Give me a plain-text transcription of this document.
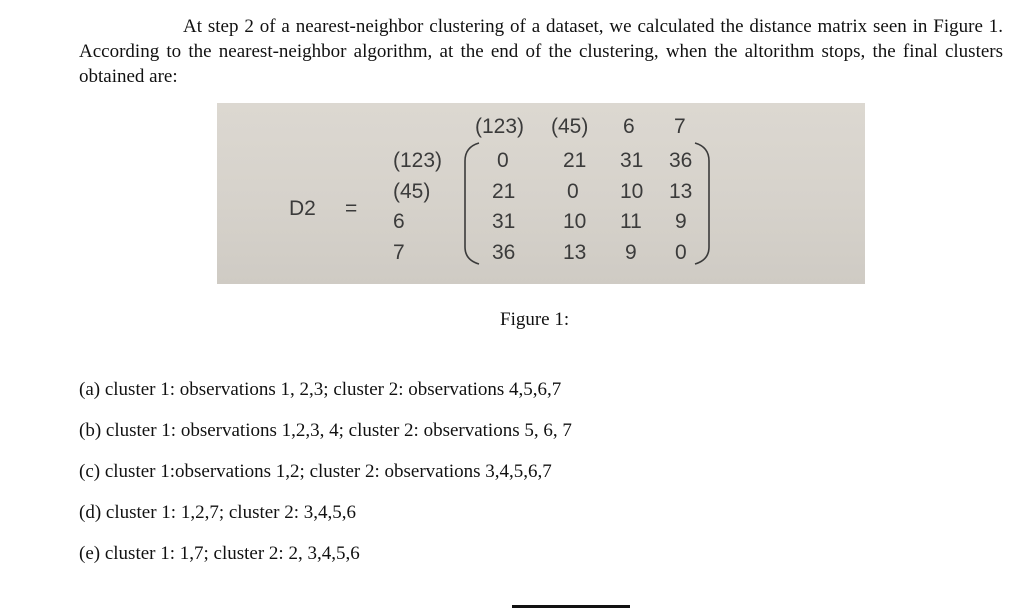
At step 2 of a nearest-neighbor clustering of a dataset, we calculated the distance matrix seen in Figure 1. According to the nearest-neighbor algorithm, at the end of the clustering, when the altorithm stops, the final clusters obtained are:
D2 =
(123) (45) 6 7
(123)
(45)
6
7
0	21 31 36
21 0 10 13
31 10 11 9
36 13 9 0
Figure 1:
(a) cluster 1: observations 1, 2,3; cluster 2: observations 4,5,6,7
(b) cluster 1: observations 1,2,3, 4; cluster 2: observations 5, 6, 7
(c) cluster 1:observations 1,2; cluster 2: observations 3,4,5,6,7
(d) cluster 1: 1,2,7; cluster 2: 3,4,5,6
(e) cluster 1: 1,7; cluster 2: 2, 3,4,5,6
